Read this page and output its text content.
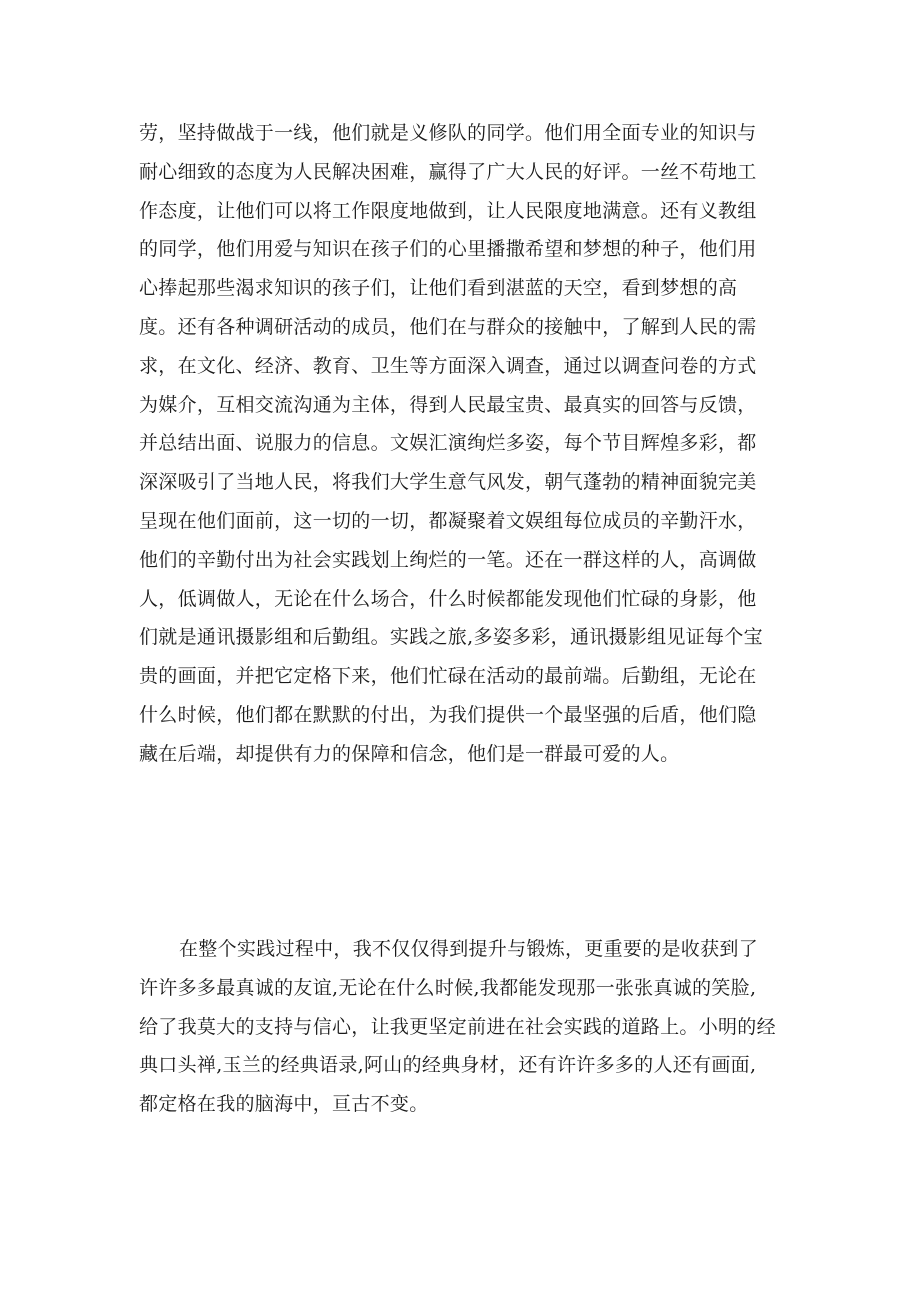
劳，坚持做战于一线，他们就是义修队的同学。他们用全面专业的知识与
耐心细致的态度为人民解决困难，赢得了广大人民的好评。一丝不苟地工
作态度，让他们可以将工作限度地做到，让人民限度地满意。还有义教组
的同学，他们用爱与知识在孩子们的心里播撒希望和梦想的种子，他们用
心捧起那些渴求知识的孩子们，让他们看到湛蓝的天空，看到梦想的高
度。还有各种调研活动的成员，他们在与群众的接触中，了解到人民的需
求，在文化、经济、教育、卫生等方面深入调查，通过以调查问卷的方式
为媒介，互相交流沟通为主体，得到人民最宝贵、最真实的回答与反馈，
并总结出面、说服力的信息。文娱汇演绚烂多姿，每个节目辉煌多彩，都
深深吸引了当地人民，将我们大学生意气风发，朝气蓬勃的精神面貌完美
呈现在他们面前，这一切的一切，都凝聚着文娱组每位成员的辛勤汗水，
他们的辛勤付出为社会实践划上绚烂的一笔。还在一群这样的人，高调做
人，低调做人，无论在什么场合，什么时候都能发现他们忙碌的身影，他
们就是通讯摄影组和后勤组。实践之旅,多姿多彩，通讯摄影组见证每个宝
贵的画面，并把它定格下来，他们忙碌在活动的最前端。后勤组，无论在
什么时候，他们都在默默的付出，为我们提供一个最坚强的后盾，他们隐
藏在后端，却提供有力的保障和信念，他们是一群最可爱的人。
在整个实践过程中，我不仅仅得到提升与锻炼，更重要的是收获到了
许许多多最真诚的友谊,无论在什么时候,我都能发现那一张张真诚的笑脸,
给了我莫大的支持与信心，让我更坚定前进在社会实践的道路上。小明的经
典口头禅,玉兰的经典语录,阿山的经典身材，还有许许多多的人还有画面,
都定格在我的脑海中，亘古不变。
